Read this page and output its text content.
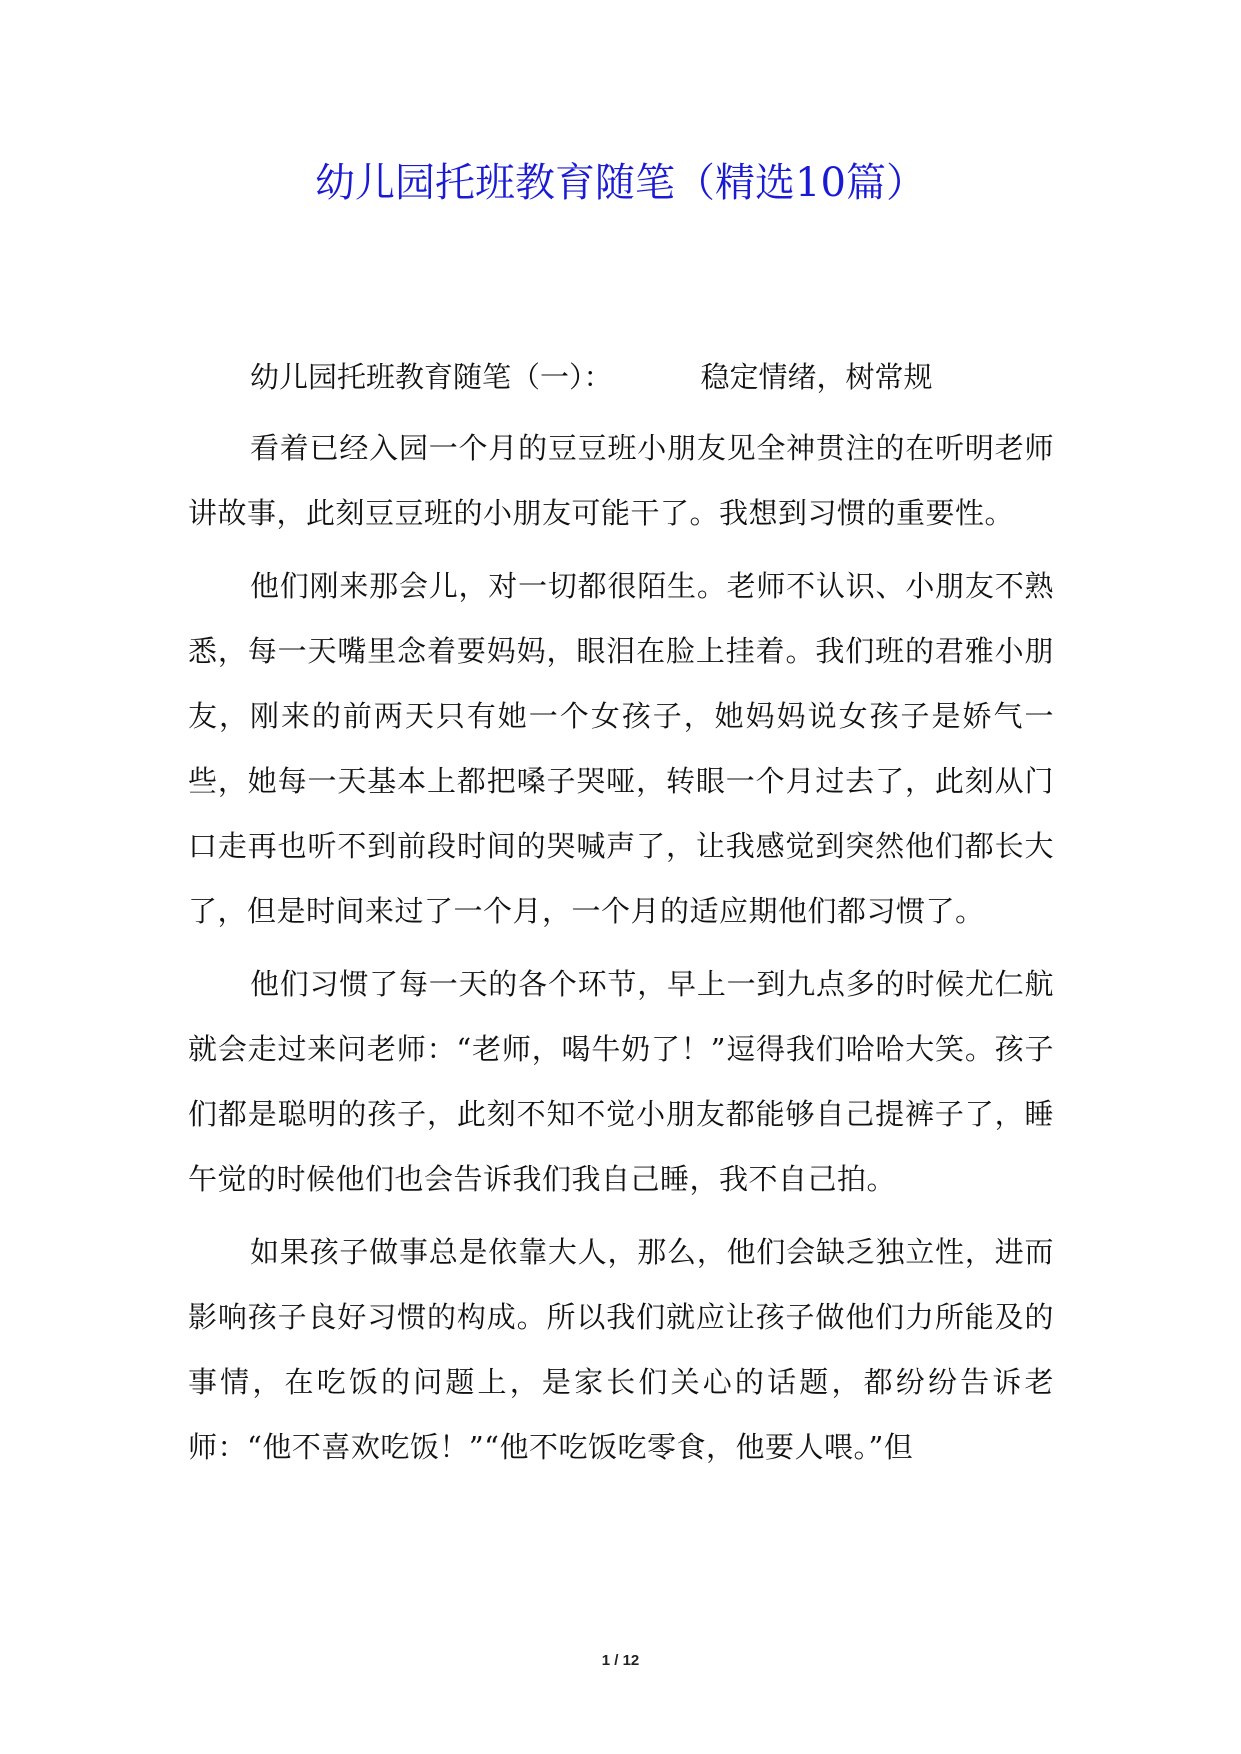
幼儿园托班教育随笔（精选10篇）

幼儿园托班教育随笔（一）：	稳定情绪，树常规

看着已经入园一个月的豆豆班小朋友见全神贯注的在听明老师讲故事，此刻豆豆班的小朋友可能干了。我想到习惯的重要性。

他们刚来那会儿，对一切都很陌生。老师不认识、小朋友不熟悉，每一天嘴里念着要妈妈，眼泪在脸上挂着。我们班的君雅小朋友，刚来的前两天只有她一个女孩子，她妈妈说女孩子是娇气一些，她每一天基本上都把嗓子哭哑，转眼一个月过去了，此刻从门口走再也听不到前段时间的哭喊声了，让我感觉到突然他们都长大了，但是时间来过了一个月，一个月的适应期他们都习惯了。

他们习惯了每一天的各个环节，早上一到九点多的时候尤仁航就会走过来问老师：“老师，喝牛奶了！”逗得我们哈哈大笑。孩子们都是聪明的孩子，此刻不知不觉小朋友都能够自己提裤子了，睡午觉的时候他们也会告诉我们我自己睡，我不自己拍。

如果孩子做事总是依靠大人，那么，他们会缺乏独立性，进而影响孩子良好习惯的构成。所以我们就应让孩子做他们力所能及的事情，在吃饭的问题上，是家长们关心的话题，都纷纷告诉老师：“他不喜欢吃饭！”“他不吃饭吃零食，他要人喂。”但

1 / 12
